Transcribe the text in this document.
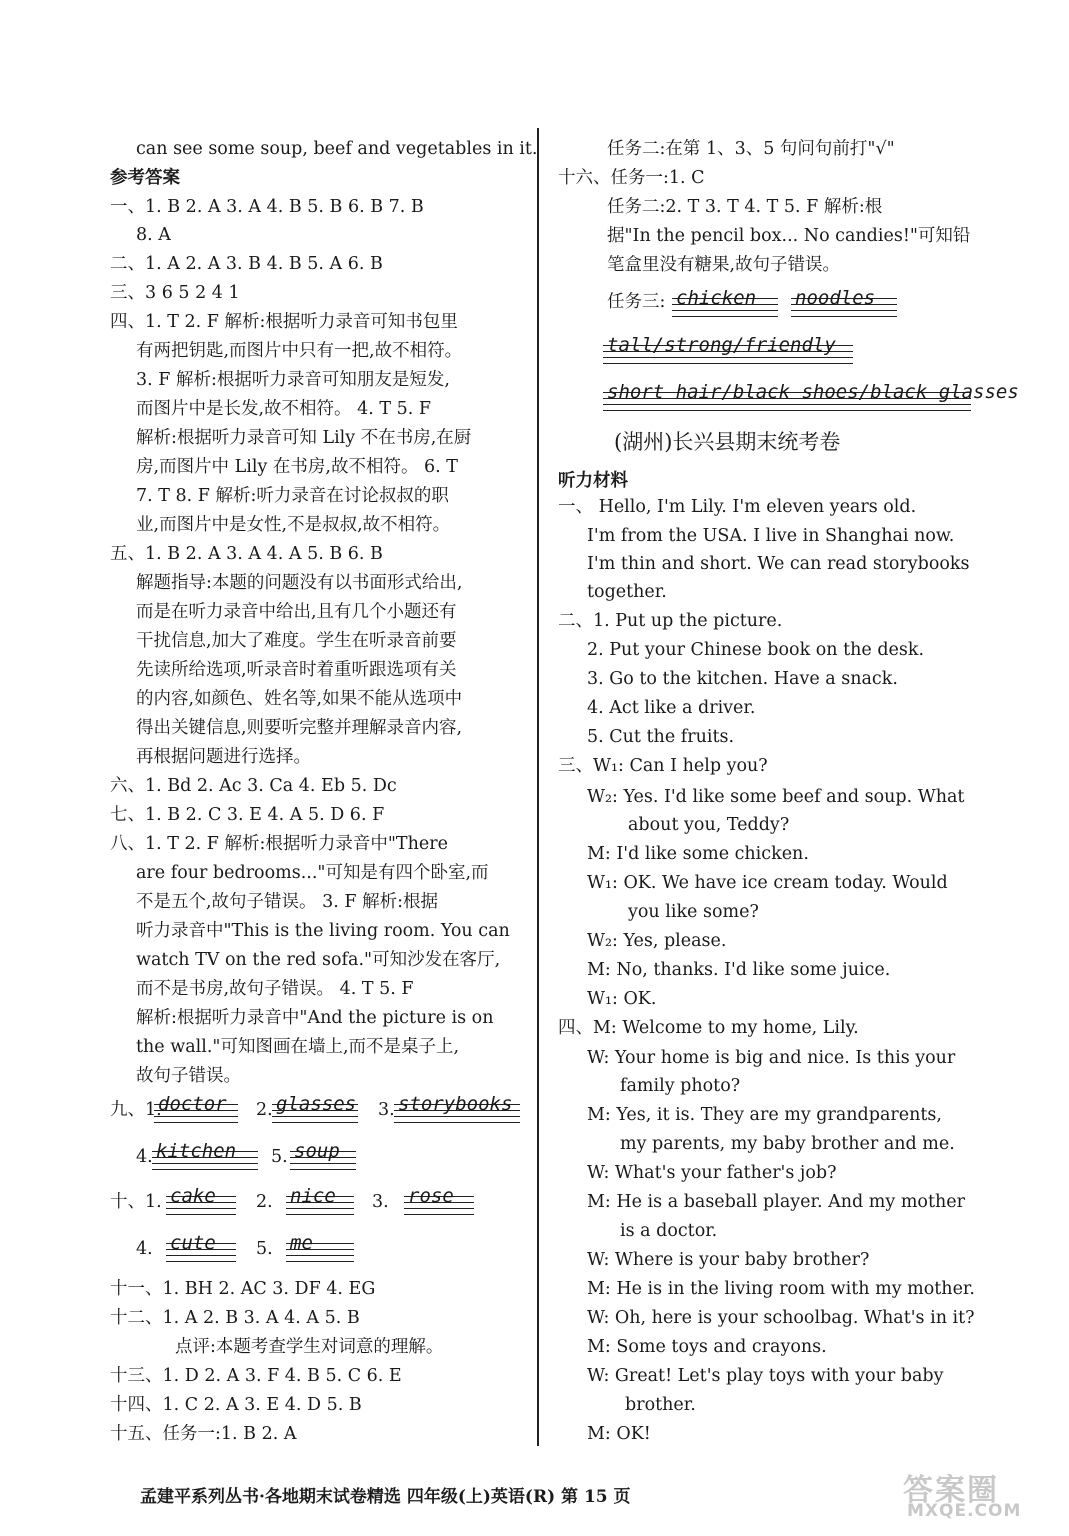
can see some soup, beef and vegetables in it.
参考答案
一、1. B 2. A 3. A 4. B 5. B 6. B 7. B
8. A
二、1. A 2. A 3. B 4. B 5. A 6. B
三、3 6 5 2 4 1
四、1. T 2. F 解析:根据听力录音可知书包里
有两把钥匙,而图片中只有一把,故不相符。
3. F 解析:根据听力录音可知朋友是短发,
而图片中是长发,故不相符。 4. T 5. F
解析:根据听力录音可知 Lily 不在书房,在厨
房,而图片中 Lily 在书房,故不相符。 6. T
7. T 8. F 解析:听力录音在讨论叔叔的职
业,而图片中是女性,不是叔叔,故不相符。
五、1. B 2. A 3. A 4. A 5. B 6. B
解题指导:本题的问题没有以书面形式给出,
而是在听力录音中给出,且有几个小题还有
干扰信息,加大了难度。学生在听录音前要
先读所给选项,听录音时着重听跟选项有关
的内容,如颜色、姓名等,如果不能从选项中
得出关键信息,则要听完整并理解录音内容,
再根据问题进行选择。
六、1. Bd 2. Ac 3. Ca 4. Eb 5. Dc
七、1. B 2. C 3. E 4. A 5. D 6. F
八、1. T 2. F 解析:根据听力录音中"There
are four bedrooms..."可知是有四个卧室,而
不是五个,故句子错误。 3. F 解析:根据
听力录音中"This is the living room. You can
watch TV on the red sofa."可知沙发在客厅,
而不是书房,故句子错误。 4. T 5. F
解析:根据听力录音中"And the picture is on
the wall."可知图画在墙上,而不是桌子上,
故句子错误。
九、1.	2.	3.
4.	5.
十、1.	2.	3.
4.	5.
十一、1. BH 2. AC 3. DF 4. EG
十二、1. A 2. B 3. A 4. A 5. B
点评:本题考查学生对词意的理解。
十三、1. D 2. A 3. F 4. B 5. C 6. E
十四、1. C 2. A 3. E 4. D 5. B
十五、任务一:1. B 2. A
doctor	glasses storybooks
kitchen	soup
cake	nice	rose
cute	me
任务二:在第 1、3、5 句问句前打"√"
十六、任务一:1. C
任务二:2. T 3. T 4. T 5. F 解析:根
据"In the pencil box... No candies!"可知铅
笔盒里没有糖果,故句子错误。
任务三:
听力材料
一、 Hello, I'm Lily. I'm eleven years old.
I'm from the USA. I live in Shanghai now.
I'm thin and short. We can read storybooks
together.
二、1. Put up the picture.
2. Put your Chinese book on the desk.
3. Go to the kitchen. Have a snack.
4. Act like a driver.
5. Cut the fruits.
三、W₁: Can I help you?
W₂: Yes. I'd like some beef and soup. What
about you, Teddy?
M: I'd like some chicken.
W₁: OK. We have ice cream today. Would
you like some?
W₂: Yes, please.
M: No, thanks. I'd like some juice.
W₁: OK.
四、M: Welcome to my home, Lily.
W: Your home is big and nice. Is this your
family photo?
M: Yes, it is. They are my grandparents,
my parents, my baby brother and me.
W: What's your father's job?
M: He is a baseball player. And my mother
is a doctor.
W: Where is your baby brother?
M: He is in the living room with my mother.
W: Oh, here is your schoolbag. What's in it?
M: Some toys and crayons.
W: Great! Let's play toys with your baby
brother.
M: OK!
chicken	noodles
tall/strong/friendly
short hair/black shoes/black glasses
(湖州)长兴县期末统考卷
孟建平系列丛书·各地期末试卷精选 四年级(上)英语(R) 第 15 页	答案圈
MXQE.COM
